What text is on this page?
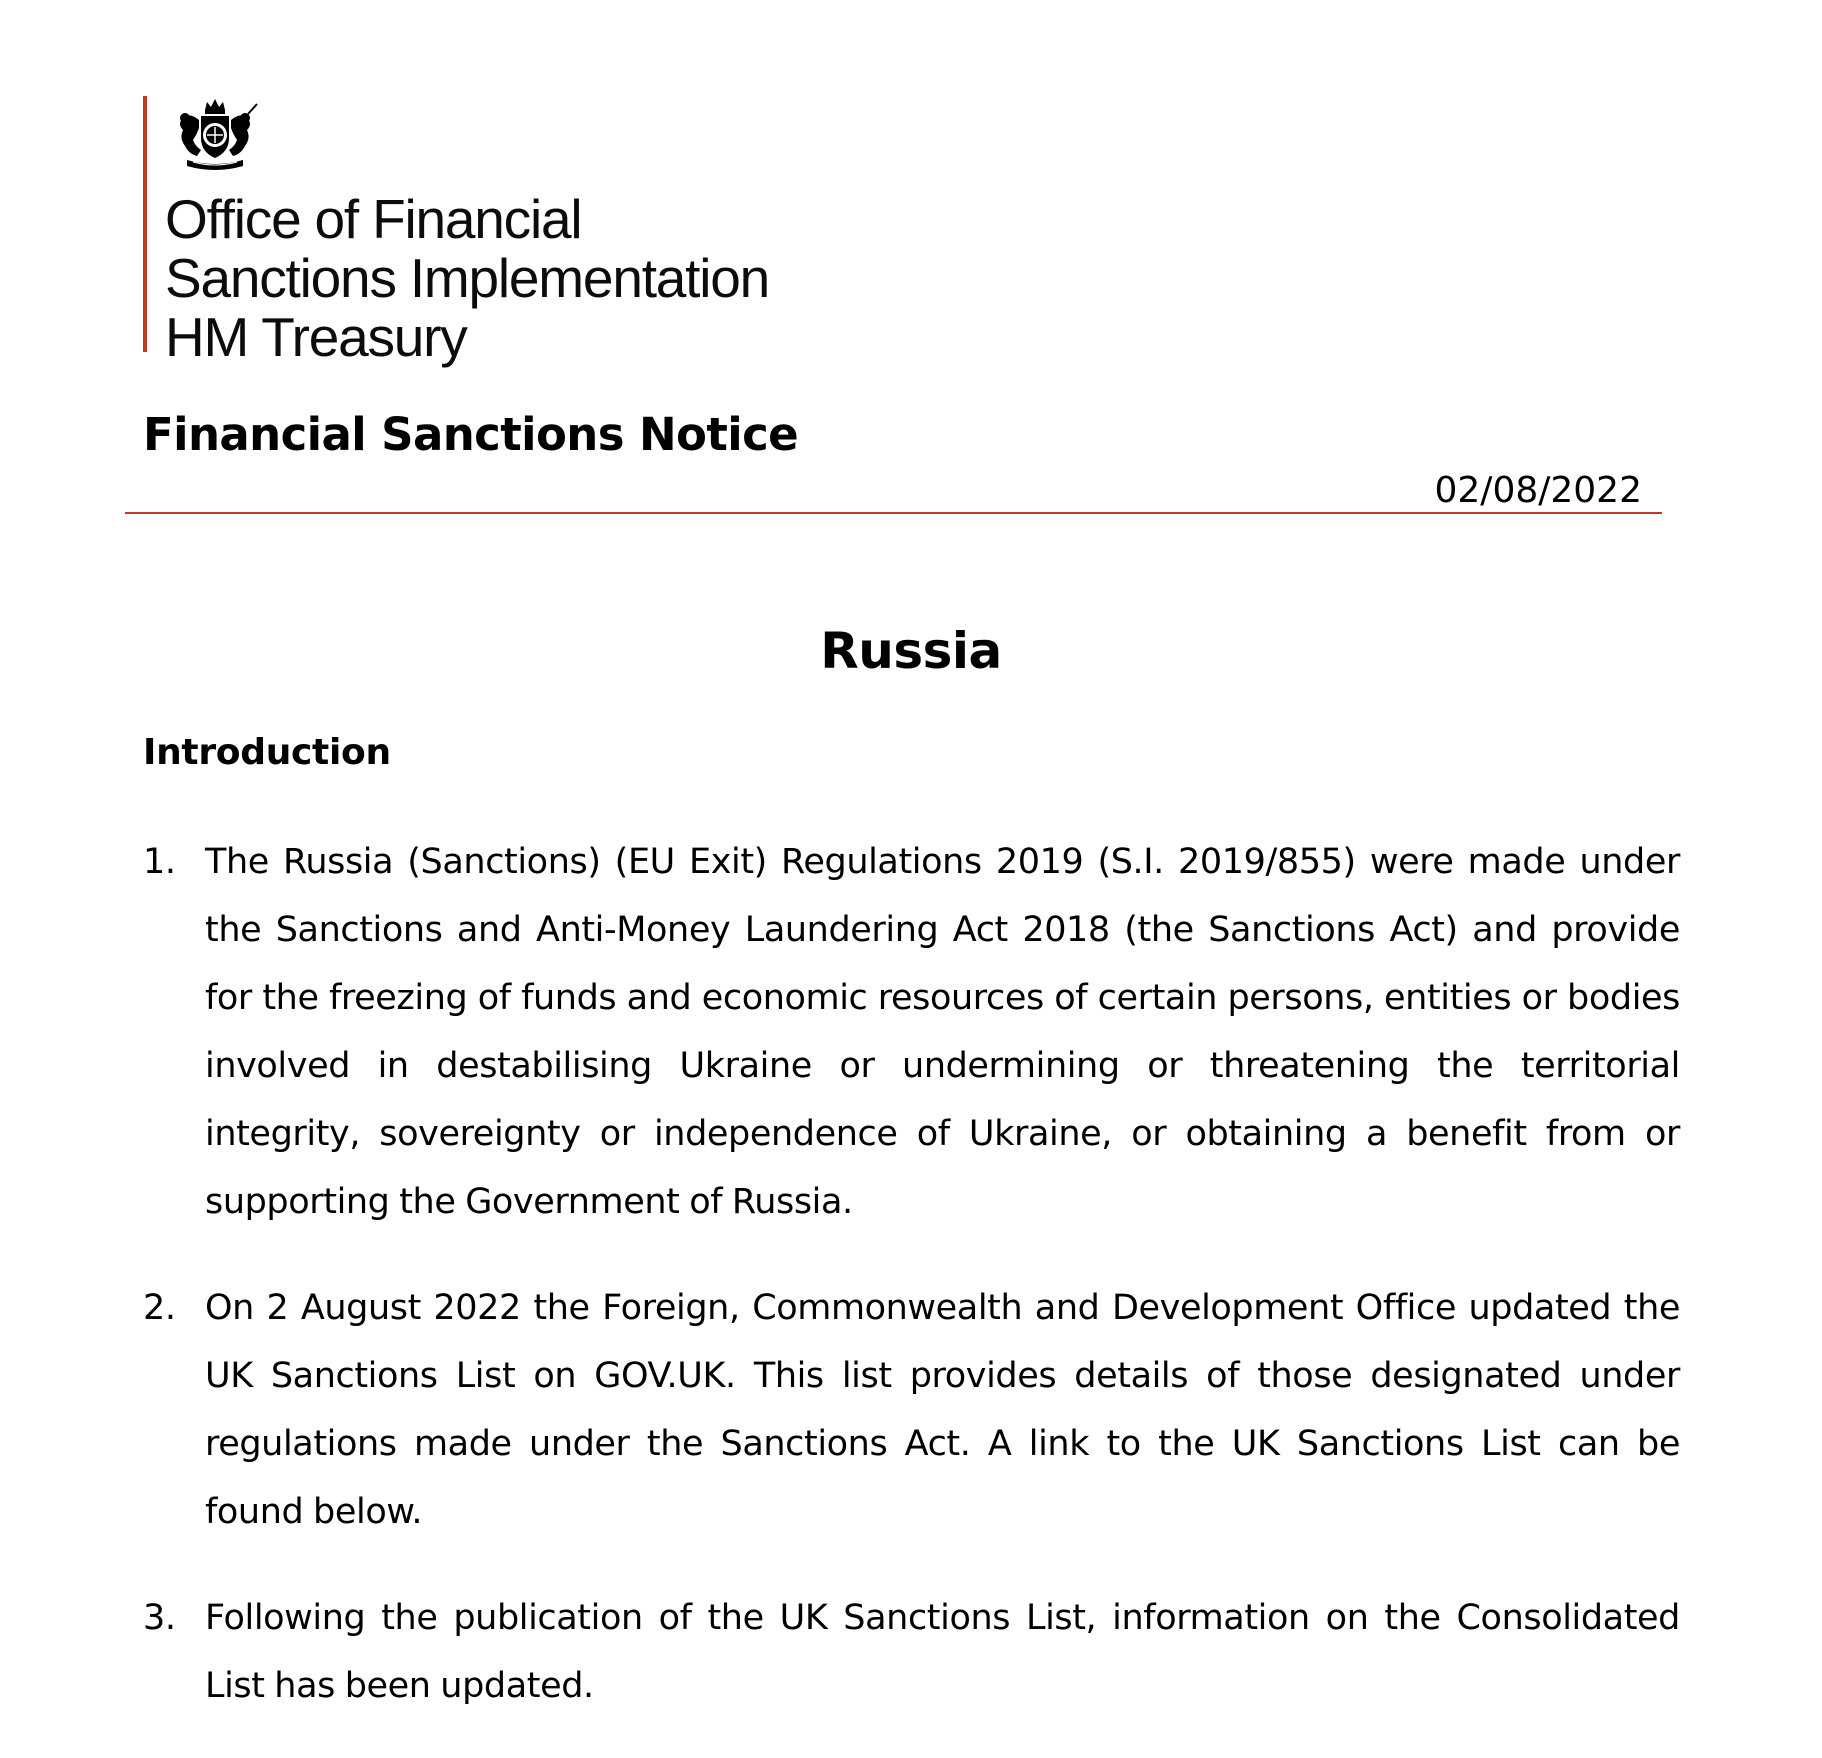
Office of Financial
Sanctions Implementation
HM Treasury
Financial Sanctions Notice
02/08/2022
Russia
Introduction
1. The Russia (Sanctions) (EU Exit) Regulations 2019 (S.I. 2019/855) were made under the Sanctions and Anti-Money Laundering Act 2018 (the Sanctions Act) and provide for the freezing of funds and economic resources of certain persons, entities or bodies involved in destabilising Ukraine or undermining or threatening the territorial integrity, sovereignty or independence of Ukraine, or obtaining a benefit from or supporting the Government of Russia.
2. On 2 August 2022 the Foreign, Commonwealth and Development Office updated the UK Sanctions List on GOV.UK. This list provides details of those designated under regulations made under the Sanctions Act. A link to the UK Sanctions List can be found below.
3. Following the publication of the UK Sanctions List, information on the Consolidated List has been updated.
